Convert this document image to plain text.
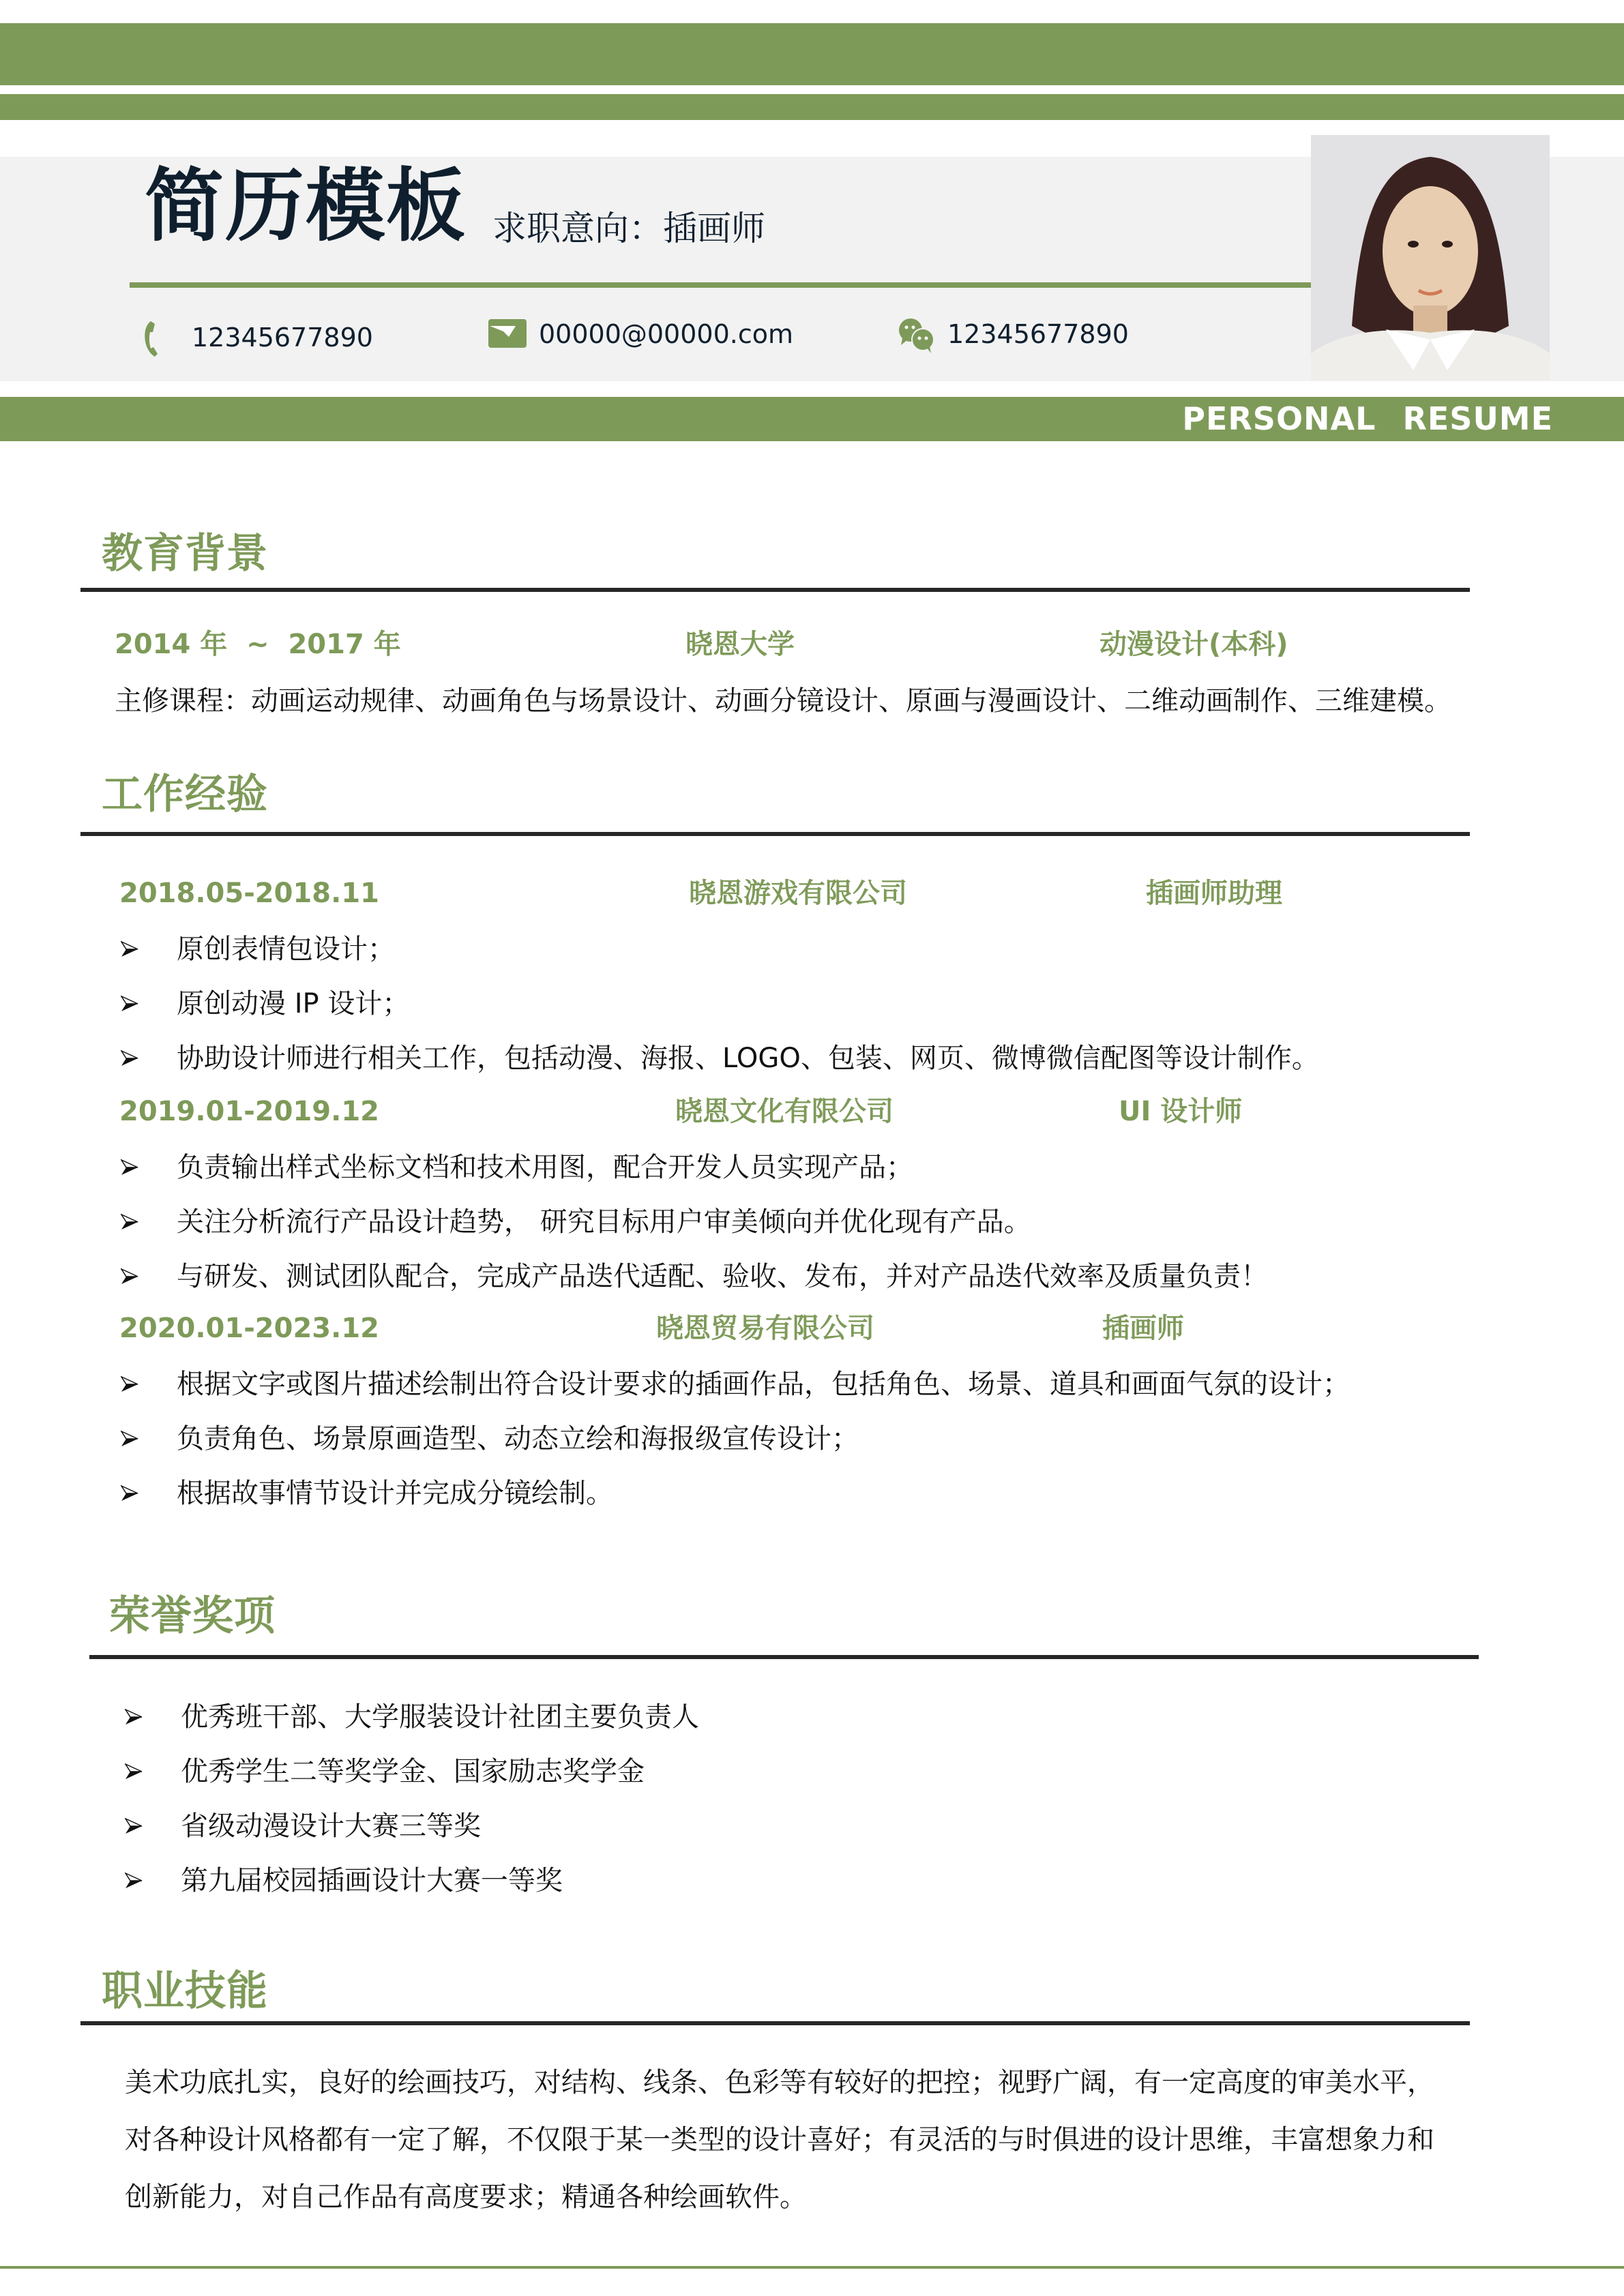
简历模板 求职意向：插画师
12345677890	00000@00000.com	12345677890
PERSONAL RESUME
教育背景
2014 年  ~  2017 年	晓恩大学	动漫设计(本科)
主修课程：动画运动规律、动画角色与场景设计、动画分镜设计、原画与漫画设计、二维动画制作、三维建模。
工作经验
2018.05-2018.11	晓恩游戏有限公司	插画师助理
原创表情包设计；
原创动漫 IP 设计；
协助设计师进行相关工作，包括动漫、海报、LOGO、包装、网页、微博微信配图等设计制作。
2019.01-2019.12	晓恩文化有限公司	UI 设计师
负责输出样式坐标文档和技术用图，配合开发人员实现产品；
关注分析流行产品设计趋势， 研究目标用户审美倾向并优化现有产品。
与研发、测试团队配合，完成产品迭代适配、验收、发布，并对产品迭代效率及质量负责！
2020.01-2023.12	晓恩贸易有限公司	插画师
根据文字或图片描述绘制出符合设计要求的插画作品，包括角色、场景、道具和画面气氛的设计；
负责角色、场景原画造型、动态立绘和海报级宣传设计；
根据故事情节设计并完成分镜绘制。
荣誉奖项
优秀班干部、大学服装设计社团主要负责人
优秀学生二等奖学金、国家励志奖学金
省级动漫设计大赛三等奖
第九届校园插画设计大赛一等奖
职业技能

美术功底扎实，良好的绘画技巧，对结构、线条、色彩等有较好的把控；视野广阔，有一定高度的审美水平，

对各种设计风格都有一定了解，不仅限于某一类型的设计喜好；有灵活的与时俱进的设计思维，丰富想象力和

创新能力，对自己作品有高度要求；精通各种绘画软件。
